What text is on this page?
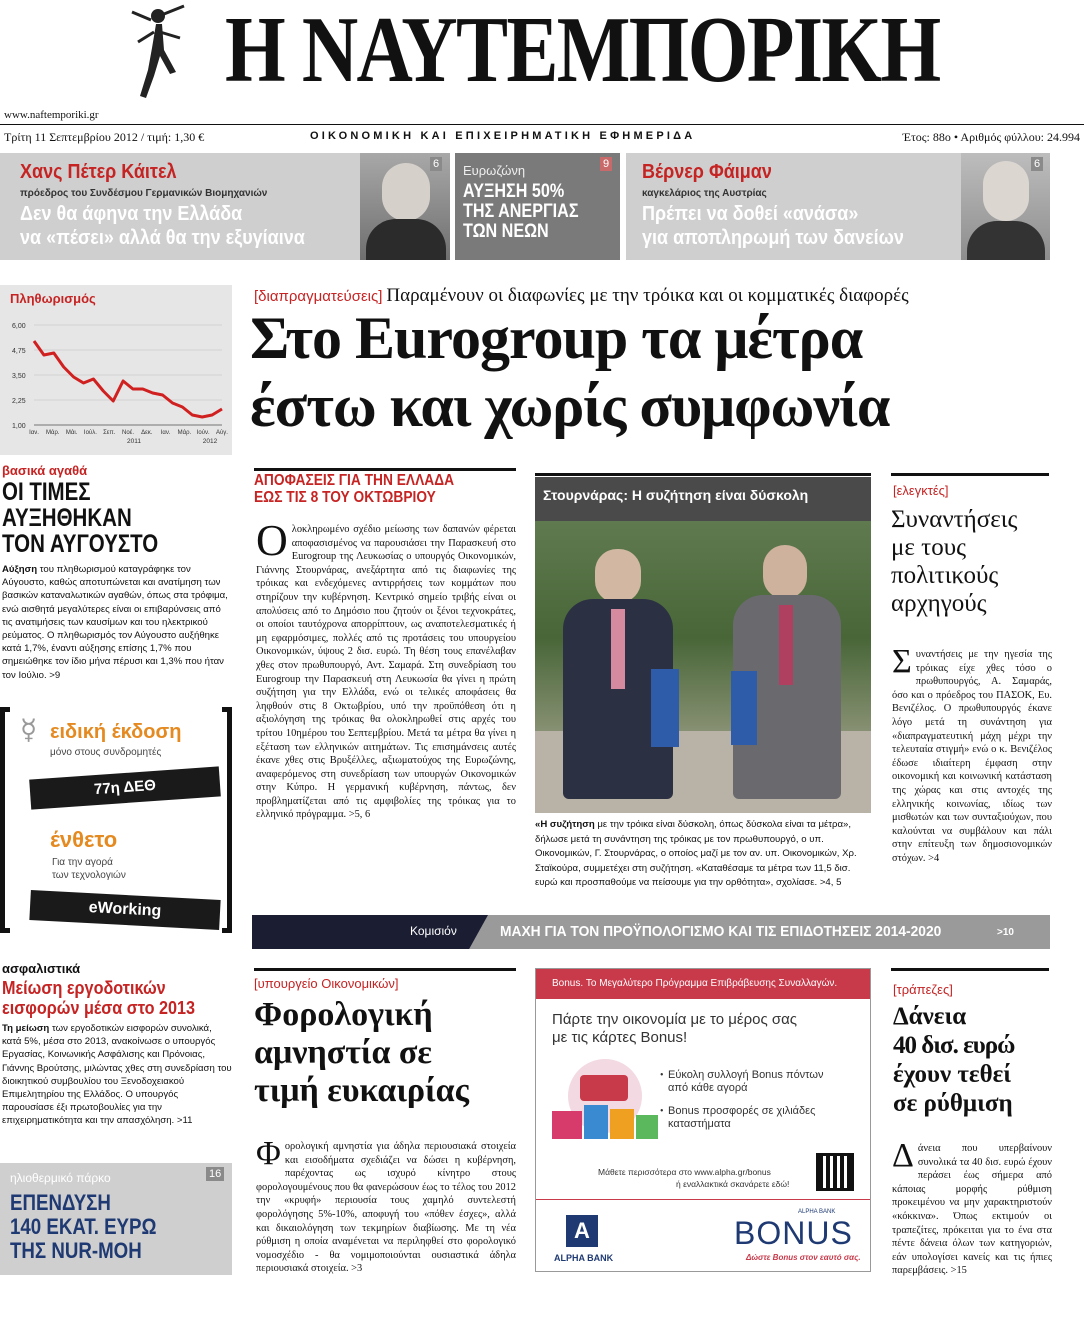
Η ΝΑΥΤΕΜΠΟΡΙΚΗ
www.naftemporiki.gr
Τρίτη 11 Σεπτεμβρίου 2012 / τιμή: 1,30 €	ΟΙΚΟΝΟΜΙΚΗ ΚΑΙ ΕΠΙΧΕΙΡΗΜΑΤΙΚΗ ΕΦΗΜΕΡΙΔΑ	Έτος: 88ο • Αριθμός φύλλου: 24.994
Χανς Πέτερ Κάιτελ
πρόεδρος του Συνδέσμου Γερμανικών Βιομηχανιών
Δεν θα άφηνα την Ελλάδα
να «πέσει» αλλά θα την εξυγίαινα
6 Ευρωζώνη
ΑΥΞΗΣΗ 50%
ΤΗΣ ΑΝΕΡΓΙΑΣ
ΤΩΝ ΝΕΩΝ
9 Βέρνερ Φάιμαν
καγκελάριος της Αυστρίας
Πρέπει να δοθεί «ανάσα»
για αποπληρωμή των δανείων
6
Πληθωρισμός
6,00
4,75
3,50
2,25
1,00
Ιαν. Μάρ. Μάι. Ιούλ. Σεπ. Νοέ. Δεκ. Ιαν. Μάρ. Ιούν. Αύγ.
2011	2012
βασικά αγαθά
ΟΙ ΤΙΜΕΣ
ΑΥΞΗΘΗΚΑΝ
ΤΟΝ ΑΥΓΟΥΣΤΟ

Αύξηση του πληθωρισμού καταγράφηκε τον Αύγουστο, καθώς αποτυπώνεται και ανατίμηση των βασικών καταναλωτικών αγαθών, όπως στα τρόφιμα, ενώ αισθητά μεγαλύτερες είναι οι επιβαρύνσεις από τις ανατιμήσεις των καυσίμων και του ηλεκτρικού ρεύματος. Ο πληθωρισμός τον Αύγουστο αυξήθηκε κατά 1,7%, έναντι αύξησης επίσης 1,7% που σημειώθηκε τον ίδιο μήνα πέρυσι και 1,3% που ήταν τον Ιούλιο. >9

☿ ειδική έκδοση
μόνο στους συνδρομητές
77η ΔΕΘ
ένθετο
Για την αγορά
των τεχνολογιών
eWorking
ασφαλιστικά
Μείωση εργοδοτικών
εισφορών μέσα στο 2013

Τη μείωση των εργοδοτικών εισφορών συνολικά, κατά 5%, μέσα στο 2013, ανακοίνωσε ο υπουργός Εργασίας, Κοινωνικής Ασφάλισης και Πρόνοιας, Γιάννης Βρούτσης, μιλώντας χθες στη συνεδρίαση του διοικητικού συμβουλίου του Ξενοδοχειακού Επιμελητηρίου της Ελλάδος. Ο υπουργός παρουσίασε έξι πρωτοβουλίες για την επιχειρηματικότητα και την απασχόληση. >11

ηλιοθερμικό πάρκο	16
ΕΠΕΝΔΥΣΗ
140 ΕΚΑΤ. ΕΥΡΩ
ΤΗΣ NUR-MOH
[διαπραγματεύσεις] Παραμένουν οι διαφωνίες με την τρόικα και οι κομματικές διαφορές
Στο Eurogroup τα μέτρα
έστω και χωρίς συμφωνία
ΑΠΟΦΑΣΕΙΣ ΓΙΑ ΤΗΝ ΕΛΛΑΔΑ
ΕΩΣ ΤΙΣ 8 ΤΟΥ ΟΚΤΩΒΡΙΟΥ

Ολοκληρωμένο σχέδιο μείωσης των δαπανών φέρεται αποφασισμένος να παρουσιάσει την Παρασκευή στο Eurogroup της Λευκωσίας ο υπουργός Οικονομικών, Γιάννης Στουρνάρας, ανεξάρτητα από τις διαφωνίες της τρόικας και ενδεχόμενες αντιρρήσεις των κομμάτων που στηρίζουν την κυβέρνηση. Κεντρικό σημείο τριβής είναι οι απολύσεις από το Δημόσιο που ζητούν οι ξένοι τεχνοκράτες, οι οποίοι ταυτόχρονα απορρίπτουν, ως αναποτελεσματικές ή μη εφαρμόσιμες, πολλές από τις προτάσεις του υπουργείου Οικονομικών, ύψους 2 δισ. ευρώ. Τη θέση τους επανέλαβαν χθες στον πρωθυπουργό, Αντ. Σαμαρά. Στη συνεδρίαση του Eurogroup την Παρασκευή στη Λευκωσία θα γίνει η πρώτη συζήτηση για την Ελλάδα, ενώ οι τελικές αποφάσεις θα ληφθούν στις 8 Οκτωβρίου, υπό την προϋπόθεση ότι η αξιολόγηση της τρόικας θα ολοκληρωθεί στις αρχές του τρίτου 10ημέρου του Σεπτεμβρίου. Μετά τα μέτρα θα γίνει η εξέταση των ελληνικών αιτημάτων. Τις επισημάνσεις αυτές έκανε χθες στις Βρυξέλλες, αξιωματούχος της Ευρωζώνης, αναφερόμενος στη συνεδρίαση των υπουργών Οικονομικών στην Κύπρο. Η γερμανική κυβέρνηση, πάντως, δεν προβληματίζεται από τις αμφιβολίες της τρόικας για το ελληνικό πρόγραμμα. >5, 6

Στουρνάρας: Η συζήτηση είναι δύσκολη

«Η συζήτηση με την τρόικα είναι δύσκολη, όπως δύσκολα είναι τα μέτρα», δήλωσε μετά τη συνάντηση της τρόικας με τον πρωθυπουργό, ο υπ. Οικονομικών, Γ. Στουρνάρας, ο οποίος μαζί με τον αν. υπ. Οικονομικών, Χρ. Σταϊκούρα, συμμετέχει στη συζήτηση. «Καταθέσαμε τα μέτρα των 11,5 δισ. ευρώ και προσπαθούμε να πείσουμε για την ορθότητα», σχολίασε. >4, 5

[ελεγκτές]
Συναντήσεις
με τους
πολιτικούς
αρχηγούς

Συναντήσεις με την ηγεσία της τρόικας είχε χθες τόσο ο πρωθυπουργός, Α. Σαμαράς, όσο και ο πρόεδρος του ΠΑΣΟΚ, Ευ. Βενιζέλος. Ο πρωθυπουργός έκανε λόγο μετά τη συνάντηση για «διαπραγματευτική μάχη μέχρι την τελευταία στιγμή» ενώ ο κ. Βενιζέλος έδωσε ιδιαίτερη έμφαση στην οικονομική και κοινωνική κατάσταση της χώρας και στις αντοχές της ελληνικής κοινωνίας, ιδίως των μισθωτών και των συνταξιούχων, που καλούνται να συμβάλουν και πάλι στην επίτευξη των δημοσιονομικών στόχων. >4

Κομισιόν	ΜΑΧΗ ΓΙΑ ΤΟΝ ΠΡΟΫΠΟΛΟΓΙΣΜΟ ΚΑΙ ΤΙΣ ΕΠΙΔΟΤΗΣΕΙΣ 2014-2020	>10
[υπουργείο Οικονομικών]
Φορολογική
αμνηστία σε
τιμή ευκαιρίας

Φορολογική αμνηστία για άδηλα περιουσιακά στοιχεία και εισοδήματα σχεδιάζει να δώσει η κυβέρνηση, παρέχοντας ως ισχυρό κίνητρο στους φορολογουμένους που θα φανερώσουν έως το τέλος του 2012 την «κρυφή» περιουσία τους χαμηλό συντελεστή φορολόγησης 5%-10%, αποφυγή του «πόθεν έσχες», αλλά και δικαιολόγηση των τεκμηρίων διαβίωσης. Με τη νέα ρύθμιση η οποία αναμένεται να περιληφθεί στο φορολογικό νομοσχέδιο - θα νομιμοποιούνται ουσιαστικά άδηλα περιουσιακά στοιχεία. >3

Bonus. Το Μεγαλύτερο Πρόγραμμα Επιβράβευσης Συναλλαγών.
Πάρτε την οικονομία με το μέρος σας
με τις κάρτες Bonus!
Εύκολη συλλογή Bonus πόντων
από κάθε αγορά
•
Bonus προσφορές σε χιλιάδες
καταστήματα
•
Μάθετε περισσότερα στο www.alpha.gr/bonus
ή εναλλακτικά σκανάρετε εδώ!
A
ALPHA BANK
ALPHA BANK
BONUS
Δώστε Bonus στον εαυτό σας.
[τράπεζες]
Δάνεια
40 δισ. ευρώ
έχουν τεθεί
σε ρύθμιση

Δάνεια που υπερβαίνουν συνολικά τα 40 δισ. ευρώ έχουν περάσει έως σήμερα από κάποιας μορφής ρύθμιση προκειμένου να μην χαρακτηριστούν «κόκκινα». Όπως εκτιμούν οι τραπεζίτες, πρόκειται για το ένα στα πέντε δάνεια όλων των κατηγοριών, εάν υπολογίσει κανείς και τις ήπιες παρεμβάσεις. >15
